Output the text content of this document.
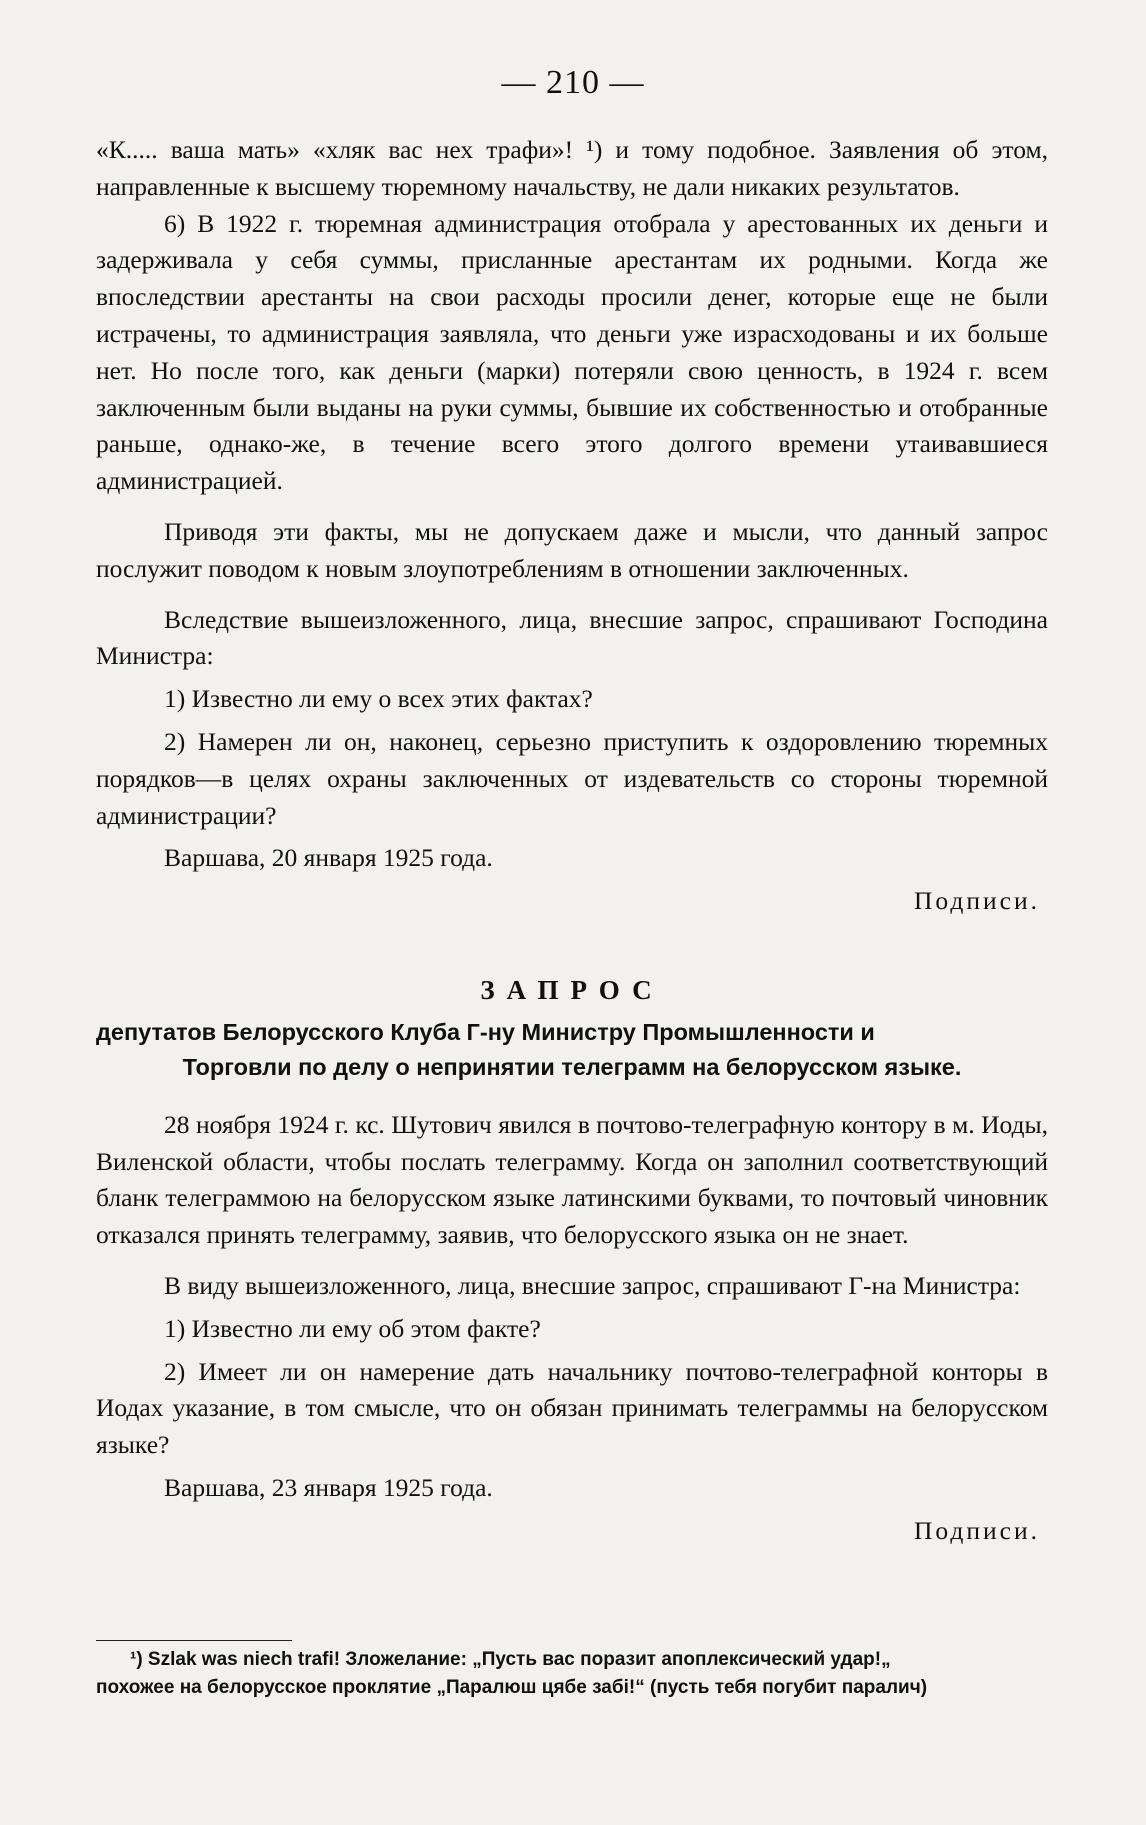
— 210 —

«К..... ваша мать» «хляк вас нех трафи»! ¹) и тому подобное. Заявления об этом, направленные к высшему тюремному начальству, не дали никаких результатов.

6) В 1922 г. тюремная администрация отобрала у арестованных их деньги и задерживала у себя суммы, присланные арестантам их родными. Когда же впоследствии арестанты на свои расходы просили денег, которые еще не были истрачены, то администрация заявляла, что деньги уже израсходованы и их больше нет. Но после того, как деньги (марки) потеряли свою ценность, в 1924 г. всем заключенным были выданы на руки суммы, бывшие их собственностью и отобранные раньше, однако-же, в течение всего этого долгого времени утаивавшиеся администрацией.

Приводя эти факты, мы не допускаем даже и мысли, что данный запрос послужит поводом к новым злоупотреблениям в отношении заключенных.

Вследствие вышеизложенного, лица, внесшие запрос, спрашивают Господина Министра:

1) Известно ли ему о всех этих фактах?

2) Намерен ли он, наконец, серьезно приступить к оздоровлению тюремных порядков—в целях охраны заключенных от издевательств со стороны тюремной администрации?

Варшава, 20 января 1925 года.

Подписи.

ЗАПРОС

депутатов Белорусского Клуба Г-ну Министру Промышленности и
Торговли по делу о непринятии телеграмм на белорусском языке.

28 ноября 1924 г. кс. Шутович явился в почтово-телеграфную контору в м. Иоды, Виленской области, чтобы послать телеграмму. Когда он заполнил соответствующий бланк телеграммою на белорусском языке латинскими буквами, то почтовый чиновник отказался принять телеграмму, заявив, что белорусского языка он не знает.

В виду вышеизложенного, лица, внесшие запрос, спрашивают Г-на Министра:

1) Известно ли ему об этом факте?

2) Имеет ли он намерение дать начальнику почтово-телеграфной конторы в Иодах указание, в том смысле, что он обязан принимать телеграммы на белорусском языке?

Варшава, 23 января 1925 года.

Подписи.

¹) Szlak was niech trafi! Зложелание: „Пусть вас поразит апоплексический удар!„
похожее на белорусское проклятие „Паралюш цябе забі!“ (пусть тебя погубит паралич)
